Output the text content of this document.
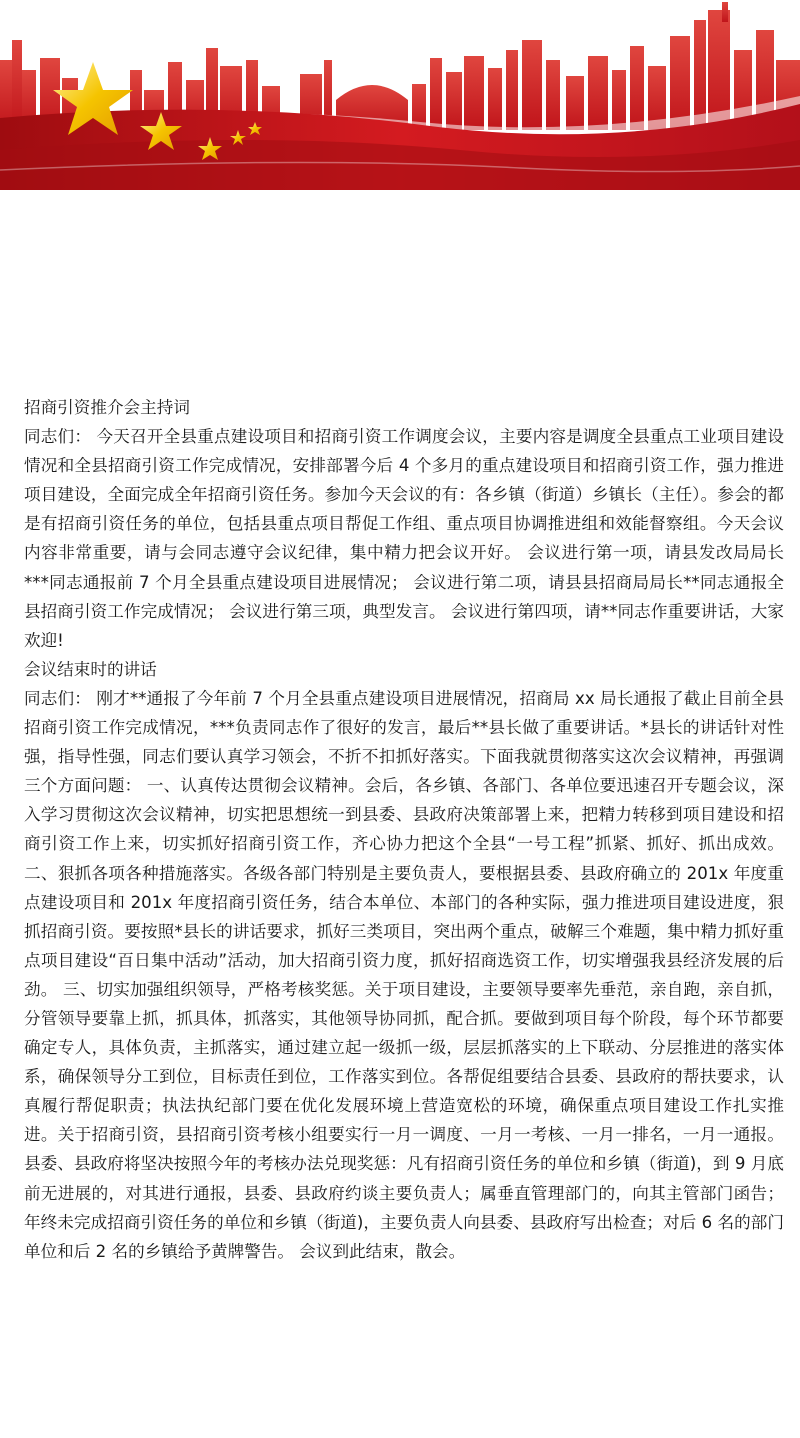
招商引资推介会主持词

同志们： 今天召开全县重点建设项目和招商引资工作调度会议，主要内容是调度全县重点工业项目建设情况和全县招商引资工作完成情况，安排部署今后 4 个多月的重点建设项目和招商引资工作，强力推进项目建设，全面完成全年招商引资任务。参加今天会议的有：各乡镇（街道）乡镇长（主任）。参会的都是有招商引资任务的单位，包括县重点项目帮促工作组、重点项目协调推进组和效能督察组。今天会议内容非常重要，请与会同志遵守会议纪律，集中精力把会议开好。 会议进行第一项，请县发改局局长***同志通报前 7 个月全县重点建设项目进展情况； 会议进行第二项，请县县招商局局长**同志通报全县招商引资工作完成情况； 会议进行第三项，典型发言。 会议进行第四项，请**同志作重要讲话，大家欢迎!

会议结束时的讲话

同志们： 刚才**通报了今年前 7 个月全县重点建设项目进展情况，招商局 xx 局长通报了截止目前全县招商引资工作完成情况，***负责同志作了很好的发言，最后**县长做了重要讲话。*县长的讲话针对性强，指导性强，同志们要认真学习领会，不折不扣抓好落实。下面我就贯彻落实这次会议精神，再强调三个方面问题： 一、认真传达贯彻会议精神。会后，各乡镇、各部门、各单位要迅速召开专题会议，深入学习贯彻这次会议精神，切实把思想统一到县委、县政府决策部署上来，把精力转移到项目建设和招商引资工作上来，切实抓好招商引资工作，齐心协力把这个全县“一号工程”抓紧、抓好、抓出成效。 二、狠抓各项各种措施落实。各级各部门特别是主要负责人，要根据县委、县政府确立的 201x 年度重点建设项目和 201x 年度招商引资任务，结合本单位、本部门的各种实际，强力推进项目建设进度，狠抓招商引资。要按照*县长的讲话要求，抓好三类项目，突出两个重点，破解三个难题，集中精力抓好重点项目建设“百日集中活动”活动，加大招商引资力度，抓好招商选资工作，切实增强我县经济发展的后劲。 三、切实加强组织领导，严格考核奖惩。关于项目建设，主要领导要率先垂范，亲自跑，亲自抓，分管领导要靠上抓，抓具体，抓落实，其他领导协同抓，配合抓。要做到项目每个阶段，每个环节都要确定专人，具体负责，主抓落实，通过建立起一级抓一级，层层抓落实的上下联动、分层推进的落实体系，确保领导分工到位，目标责任到位，工作落实到位。各帮促组要结合县委、县政府的帮扶要求，认真履行帮促职责；执法执纪部门要在优化发展环境上营造宽松的环境，确保重点项目建设工作扎实推进。关于招商引资，县招商引资考核小组要实行一月一调度、一月一考核、一月一排名，一月一通报。县委、县政府将坚决按照今年的考核办法兑现奖惩：凡有招商引资任务的单位和乡镇（街道)，到 9 月底前无进展的，对其进行通报，县委、县政府约谈主要负责人；属垂直管理部门的，向其主管部门函告；年终未完成招商引资任务的单位和乡镇（街道)，主要负责人向县委、县政府写出检查；对后 6 名的部门单位和后 2 名的乡镇给予黄牌警告。 会议到此结束，散会。
